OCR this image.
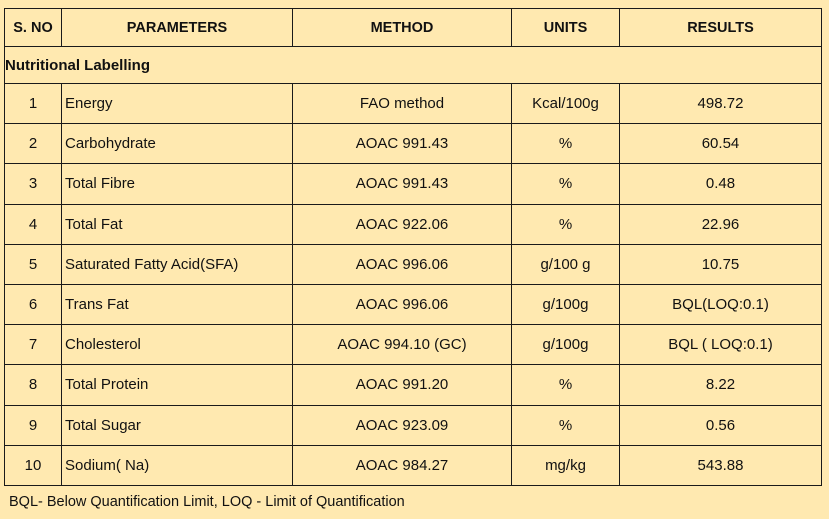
S. NO	PARAMETERS	METHOD	UNITS	RESULTS
Nutritional Labelling				
1	Energy	FAO method	Kcal/100g	498.72
2	Carbohydrate	AOAC 991.43	%	60.54
3	Total Fibre	AOAC 991.43	%	0.48
4	Total Fat	AOAC 922.06	%	22.96
5	Saturated Fatty Acid(SFA)	AOAC 996.06	g/100 g	10.75
6	Trans Fat	AOAC 996.06	g/100g	BQL(LOQ:0.1)
7	Cholesterol	AOAC 994.10 (GC)	g/100g	BQL ( LOQ:0.1)
8	Total Protein	AOAC 991.20	%	8.22
9	Total Sugar	AOAC 923.09	%	0.56
10	Sodium( Na)	AOAC 984.27	mg/kg	543.88
BQL- Below Quantification Limit, LOQ - Limit of Quantification
